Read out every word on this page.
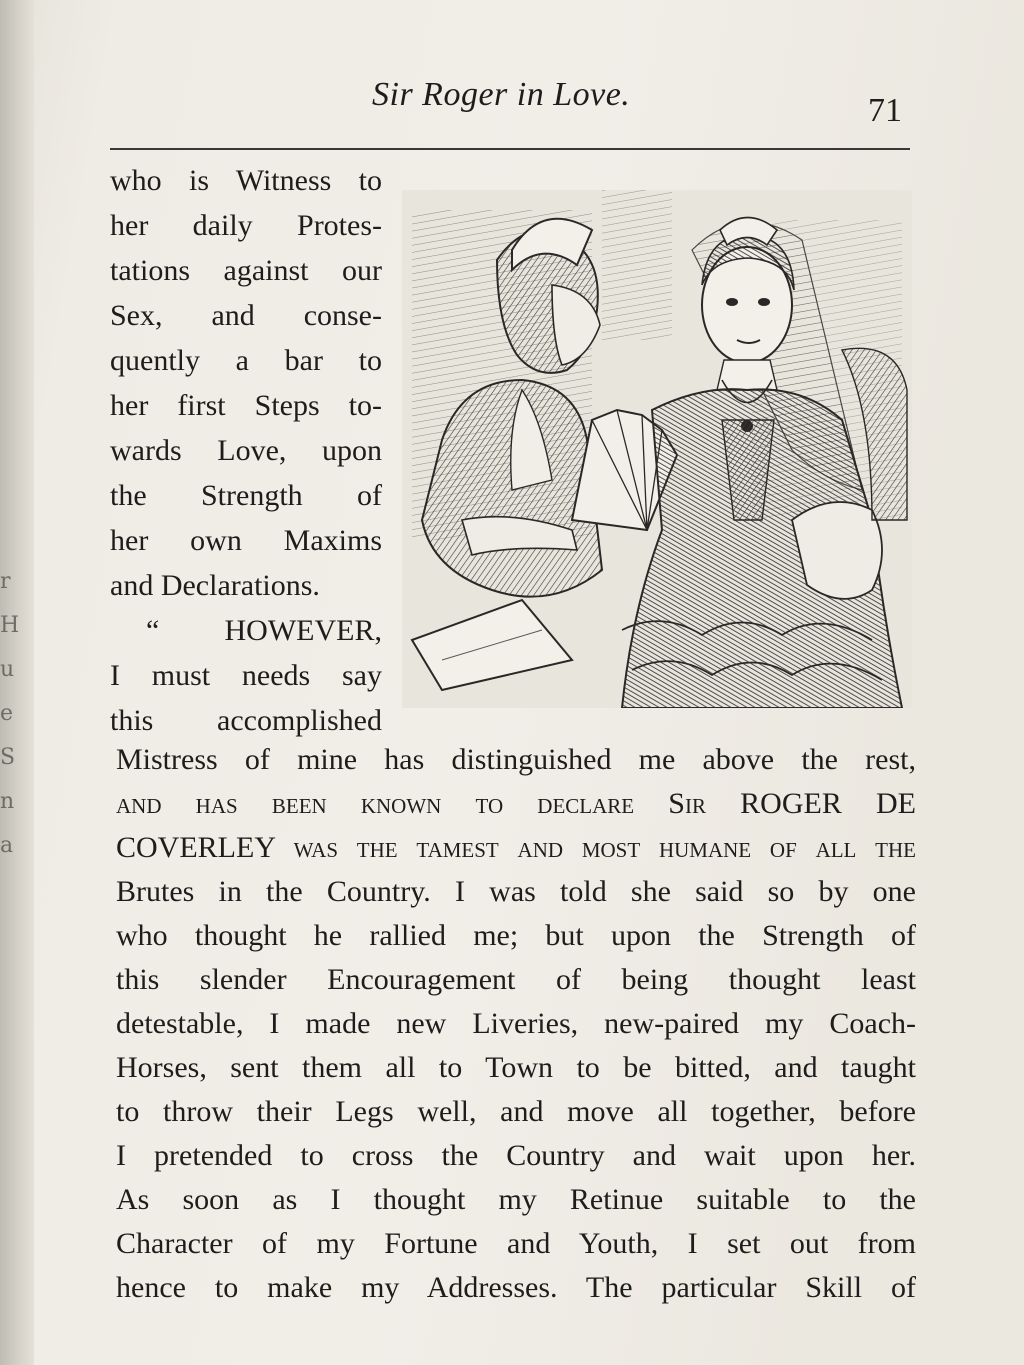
r
H
u
e
S
n
a
Sir Roger in Love.	71
who is Witness to
her daily Protes-
tations against our
Sex, and conse-
quently a bar to
her first Steps to-
wards Love, upon
the Strength of
her own Maxims
and Declarations.
“ HOWEVER,
I must needs say
this accomplished
Mistress of mine has distinguished me above the rest,
and has been known to declare Sir ROGER DE
COVERLEY was the tamest and most humane of all the
Brutes in the Country. I was told she said so by one
who thought he rallied me; but upon the Strength of
this slender Encouragement of being thought least
detestable, I made new Liveries, new-paired my Coach-
Horses, sent them all to Town to be bitted, and taught
to throw their Legs well, and move all together, before
I pretended to cross the Country and wait upon her.
As soon as I thought my Retinue suitable to the
Character of my Fortune and Youth, I set out from
hence to make my Addresses. The particular Skill of
